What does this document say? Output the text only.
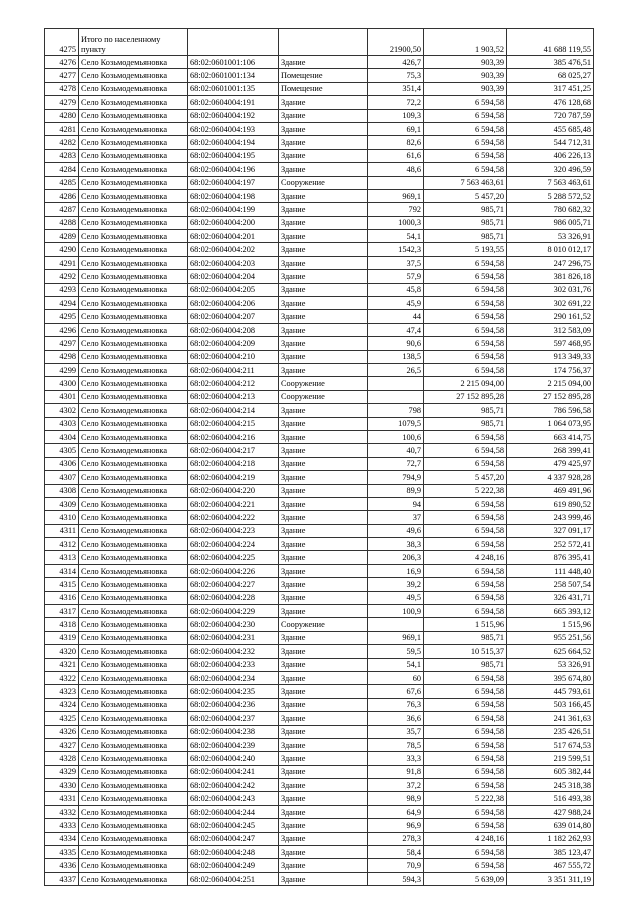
4275	Итого по населенному пункту			21900,50	1 903,52	41 688 119,55
4276	Село Козьмодемьяновка	68:02:0601001:106	Здание	426,7	903,39	385 476,51
4277	Село Козьмодемьяновка	68:02:0601001:134	Помещение	75,3	903,39	68 025,27
4278	Село Козьмодемьяновка	68:02:0601001:135	Помещение	351,4	903,39	317 451,25
4279	Село Козьмодемьяновка	68:02:0604004:191	Здание	72,2	6 594,58	476 128,68
4280	Село Козьмодемьяновка	68:02:0604004:192	Здание	109,3	6 594,58	720 787,59
4281	Село Козьмодемьяновка	68:02:0604004:193	Здание	69,1	6 594,58	455 685,48
4282	Село Козьмодемьяновка	68:02:0604004:194	Здание	82,6	6 594,58	544 712,31
4283	Село Козьмодемьяновка	68:02:0604004:195	Здание	61,6	6 594,58	406 226,13
4284	Село Козьмодемьяновка	68:02:0604004:196	Здание	48,6	6 594,58	320 496,59
4285	Село Козьмодемьяновка	68:02:0604004:197	Сооружение		7 563 463,61	7 563 463,61
4286	Село Козьмодемьяновка	68:02:0604004:198	Здание	969,1	5 457,20	5 288 572,52
4287	Село Козьмодемьяновка	68:02:0604004:199	Здание	792	985,71	780 682,32
4288	Село Козьмодемьяновка	68:02:0604004:200	Здание	1000,3	985,71	986 005,71
4289	Село Козьмодемьяновка	68:02:0604004:201	Здание	54,1	985,71	53 326,91
4290	Село Козьмодемьяновка	68:02:0604004:202	Здание	1542,3	5 193,55	8 010 012,17
4291	Село Козьмодемьяновка	68:02:0604004:203	Здание	37,5	6 594,58	247 296,75
4292	Село Козьмодемьяновка	68:02:0604004:204	Здание	57,9	6 594,58	381 826,18
4293	Село Козьмодемьяновка	68:02:0604004:205	Здание	45,8	6 594,58	302 031,76
4294	Село Козьмодемьяновка	68:02:0604004:206	Здание	45,9	6 594,58	302 691,22
4295	Село Козьмодемьяновка	68:02:0604004:207	Здание	44	6 594,58	290 161,52
4296	Село Козьмодемьяновка	68:02:0604004:208	Здание	47,4	6 594,58	312 583,09
4297	Село Козьмодемьяновка	68:02:0604004:209	Здание	90,6	6 594,58	597 468,95
4298	Село Козьмодемьяновка	68:02:0604004:210	Здание	138,5	6 594,58	913 349,33
4299	Село Козьмодемьяновка	68:02:0604004:211	Здание	26,5	6 594,58	174 756,37
4300	Село Козьмодемьяновка	68:02:0604004:212	Сооружение		2 215 094,00	2 215 094,00
4301	Село Козьмодемьяновка	68:02:0604004:213	Сооружение		27 152 895,28	27 152 895,28
4302	Село Козьмодемьяновка	68:02:0604004:214	Здание	798	985,71	786 596,58
4303	Село Козьмодемьяновка	68:02:0604004:215	Здание	1079,5	985,71	1 064 073,95
4304	Село Козьмодемьяновка	68:02:0604004:216	Здание	100,6	6 594,58	663 414,75
4305	Село Козьмодемьяновка	68:02:0604004:217	Здание	40,7	6 594,58	268 399,41
4306	Село Козьмодемьяновка	68:02:0604004:218	Здание	72,7	6 594,58	479 425,97
4307	Село Козьмодемьяновка	68:02:0604004:219	Здание	794,9	5 457,20	4 337 928,28
4308	Село Козьмодемьяновка	68:02:0604004:220	Здание	89,9	5 222,38	469 491,96
4309	Село Козьмодемьяновка	68:02:0604004:221	Здание	94	6 594,58	619 890,52
4310	Село Козьмодемьяновка	68:02:0604004:222	Здание	37	6 594,58	243 999,46
4311	Село Козьмодемьяновка	68:02:0604004:223	Здание	49,6	6 594,58	327 091,17
4312	Село Козьмодемьяновка	68:02:0604004:224	Здание	38,3	6 594,58	252 572,41
4313	Село Козьмодемьяновка	68:02:0604004:225	Здание	206,3	4 248,16	876 395,41
4314	Село Козьмодемьяновка	68:02:0604004:226	Здание	16,9	6 594,58	111 448,40
4315	Село Козьмодемьяновка	68:02:0604004:227	Здание	39,2	6 594,58	258 507,54
4316	Село Козьмодемьяновка	68:02:0604004:228	Здание	49,5	6 594,58	326 431,71
4317	Село Козьмодемьяновка	68:02:0604004:229	Здание	100,9	6 594,58	665 393,12
4318	Село Козьмодемьяновка	68:02:0604004:230	Сооружение		1 515,96	1 515,96
4319	Село Козьмодемьяновка	68:02:0604004:231	Здание	969,1	985,71	955 251,56
4320	Село Козьмодемьяновка	68:02:0604004:232	Здание	59,5	10 515,37	625 664,52
4321	Село Козьмодемьяновка	68:02:0604004:233	Здание	54,1	985,71	53 326,91
4322	Село Козьмодемьяновка	68:02:0604004:234	Здание	60	6 594,58	395 674,80
4323	Село Козьмодемьяновка	68:02:0604004:235	Здание	67,6	6 594,58	445 793,61
4324	Село Козьмодемьяновка	68:02:0604004:236	Здание	76,3	6 594,58	503 166,45
4325	Село Козьмодемьяновка	68:02:0604004:237	Здание	36,6	6 594,58	241 361,63
4326	Село Козьмодемьяновка	68:02:0604004:238	Здание	35,7	6 594,58	235 426,51
4327	Село Козьмодемьяновка	68:02:0604004:239	Здание	78,5	6 594,58	517 674,53
4328	Село Козьмодемьяновка	68:02:0604004:240	Здание	33,3	6 594,58	219 599,51
4329	Село Козьмодемьяновка	68:02:0604004:241	Здание	91,8	6 594,58	605 382,44
4330	Село Козьмодемьяновка	68:02:0604004:242	Здание	37,2	6 594,58	245 318,38
4331	Село Козьмодемьяновка	68:02:0604004:243	Здание	98,9	5 222,38	516 493,38
4332	Село Козьмодемьяновка	68:02:0604004:244	Здание	64,9	6 594,58	427 988,24
4333	Село Козьмодемьяновка	68:02:0604004:245	Здание	96,9	6 594,58	639 014,80
4334	Село Козьмодемьяновка	68:02:0604004:247	Здание	278,3	4 248,16	1 182 262,93
4335	Село Козьмодемьяновка	68:02:0604004:248	Здание	58,4	6 594,58	385 123,47
4336	Село Козьмодемьяновка	68:02:0604004:249	Здание	70,9	6 594,58	467 555,72
4337	Село Козьмодемьяновка	68:02:0604004:251	Здание	594,3	5 639,09	3 351 311,19
